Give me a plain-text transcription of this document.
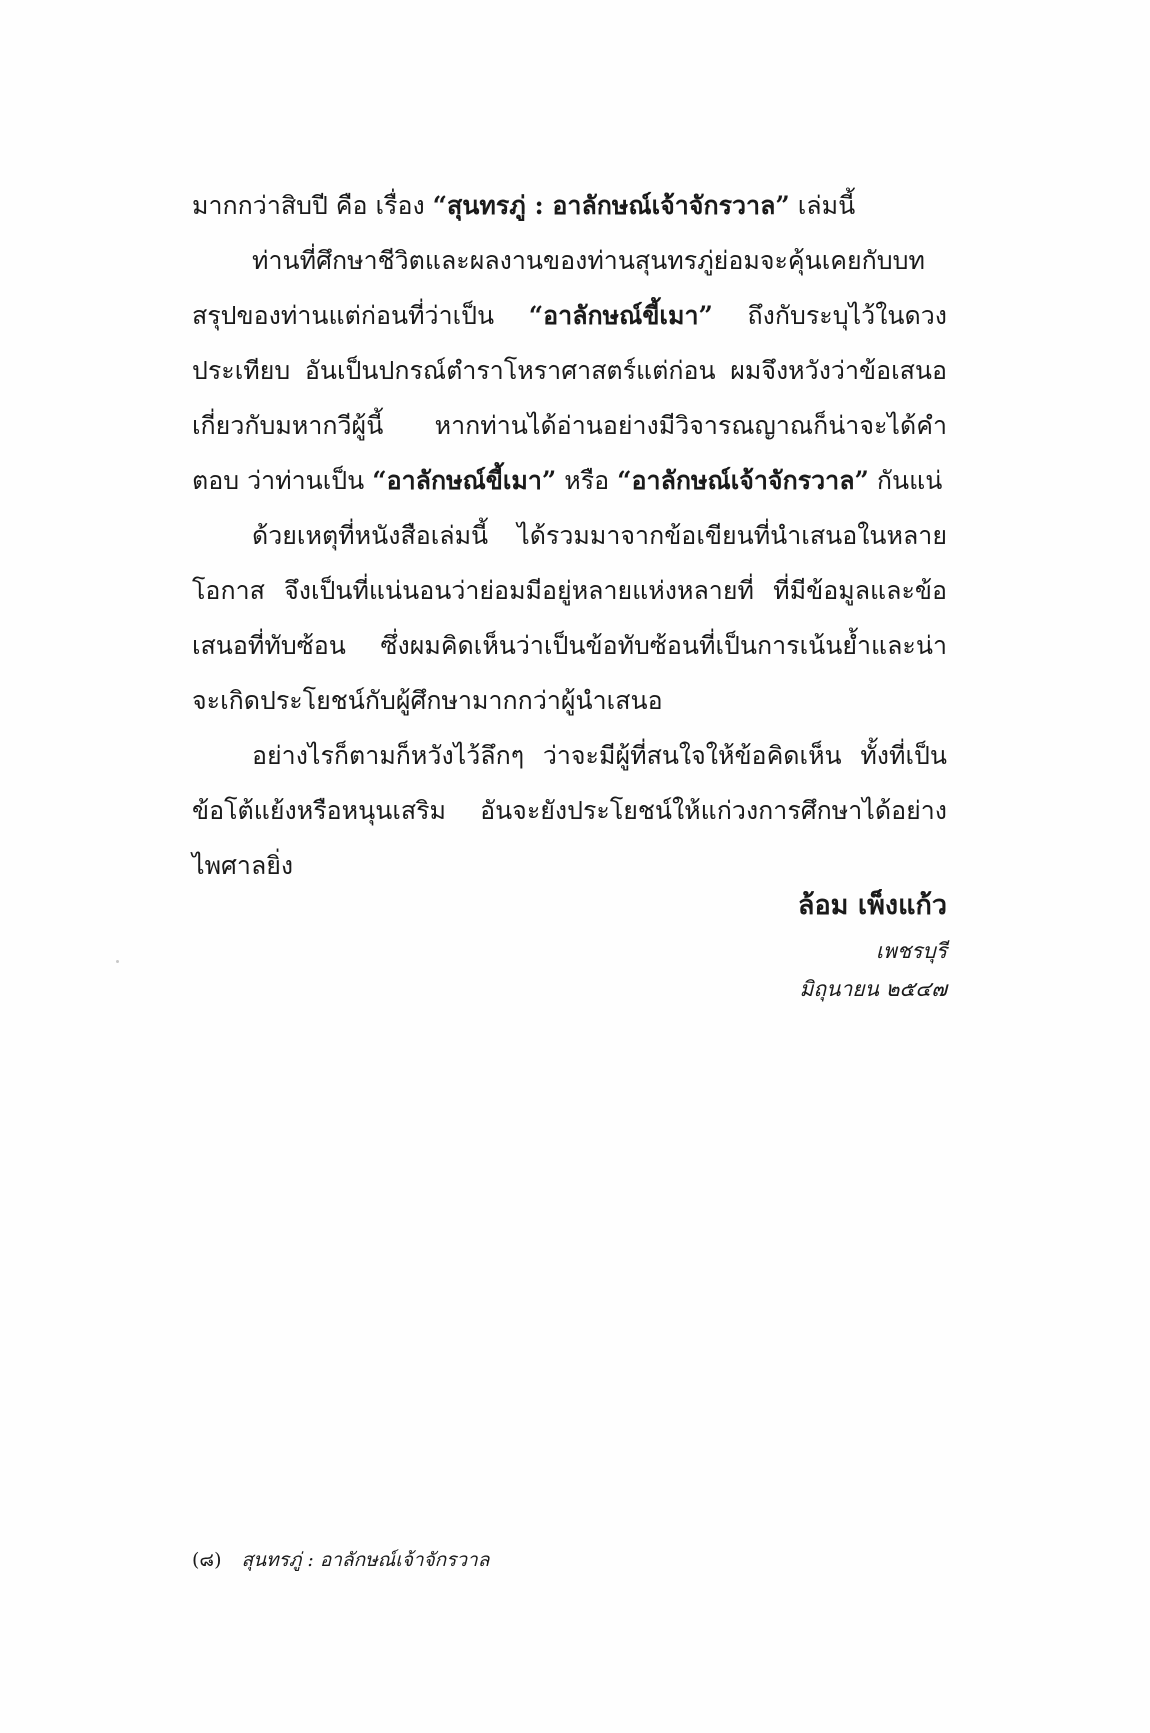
มากกว่าสิบปี คือ เรื่อง “สุนทรภู่ : อาลักษณ์เจ้าจักรวาล” เล่มนี้

ท่านที่ศึกษาชีวิตและผลงานของท่านสุนทรภู่ย่อมจะคุ้นเคยกับบทสรุปของท่านแต่ก่อนที่ว่าเป็น “อาลักษณ์ขี้เมา” ถึงกับระบุไว้ในดวงประเทียบ อันเป็นปกรณ์ตำราโหราศาสตร์แต่ก่อน ผมจึงหวังว่าข้อเสนอเกี่ยวกับมหากวีผู้นี้ หากท่านได้อ่านอย่างมีวิจารณญาณก็น่าจะได้คำตอบ ว่าท่านเป็น “อาลักษณ์ขี้เมา” หรือ “อาลักษณ์เจ้าจักรวาล” กันแน่

ด้วยเหตุที่หนังสือเล่มนี้ ได้รวมมาจากข้อเขียนที่นำเสนอในหลายโอกาส จึงเป็นที่แน่นอนว่าย่อมมีอยู่หลายแห่งหลายที่ ที่มีข้อมูลและข้อเสนอที่ทับซ้อน ซึ่งผมคิดเห็นว่าเป็นข้อทับซ้อนที่เป็นการเน้นย้ำและน่าจะเกิดประโยชน์กับผู้ศึกษามากกว่าผู้นำเสนอ

อย่างไรก็ตามก็หวังไว้ลึกๆ ว่าจะมีผู้ที่สนใจให้ข้อคิดเห็น ทั้งที่เป็นข้อโต้แย้งหรือหนุนเสริม อันจะยังประโยชน์ให้แก่วงการศึกษาได้อย่างไพศาลยิ่ง

ล้อม เพ็งแก้ว
เพชรบุรี
มิถุนายน ๒๕๔๗
(๘) สุนทรภู่ : อาลักษณ์เจ้าจักรวาล
